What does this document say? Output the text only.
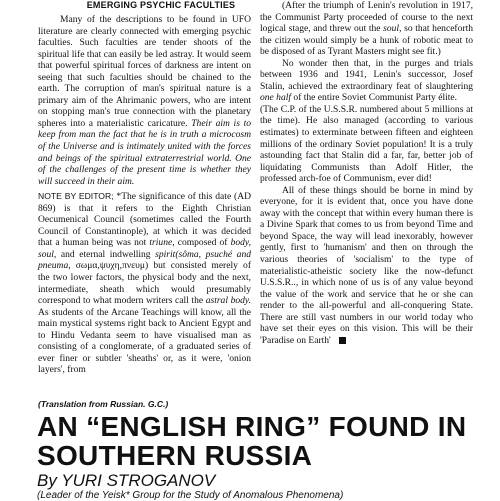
EMERGING PSYCHIC FACULTIES

Many of the descriptions to be found in UFO literature are clearly connected with emerging psychic faculties. Such faculties are tender shoots of the spiritual life that can easily be led astray. It would seem that powerful spiritual forces of darkness are intent on seeing that such faculties should be chained to the earth. The corruption of man's spiritual nature is a primary aim of the Ahrimanic powers, who are intent on stopping man's true connection with the planetary spheres into a materialistic caricature. Their aim is to keep from man the fact that he is in truth a microcosm of the Universe and is intimately united with the forces and beings of the spiritual extraterrestrial world. One of the challenges of the present time is whether they will succeed in their aim.

NOTE BY EDITOR; *The significance of this date (AD 869) is that it refers to the Eighth Christian Oecumenical Council (sometimes called the Fourth Council of Constantinople), at which it was decided that a human being was not triune, composed of body, soul, and eternal indwelling spirit(sôma, psuché and pneuma, σωμα,ψυχη,πνευμ) but consisted merely of the two lower factors, the physical body and the next, intermediate, sheath which would presumably correspond to what modern writers call the astral body. As students of the Arcane Teachings will know, all the main mystical systems right back to Ancient Egypt and to Hindu Vedanta seem to have visualised man as consisting of a conglomerate, of a graduated series of ever finer or subtler 'sheaths' or, as it were, 'onion layers', from

(After the triumph of Lenin's revolution in 1917, the Communist Party proceeded of course to the next logical stage, and threw out the soul, so that henceforth the citizen would simply be a hunk of robotic meat to be disposed of as Tyrant Masters might see fit.)

No wonder then that, in the purges and trials between 1936 and 1941, Lenin's successor, Josef Stalin, achieved the extraordinary feat of slaughtering one half of the entire Soviet Communist Party élite.

(The C.P. of the U.S.S.R. numbered about 5 millions at the time). He also managed (according to various estimates) to exterminate between fifteen and eighteen millions of the ordinary Soviet population! It is a truly astounding fact that Stalin did a far, far, better job of liquidating Communists than Adolf Hitler, the professed arch-foe of Communism, ever did!

All of these things should be borne in mind by everyone, for it is evident that, once you have done away with the concept that within every human there is a Divine Spark that comes to us from beyond Time and beyond Space, the way will lead inexorably, however gently, first to 'humanism' and then on through the various theories of 'socialism' to the type of materialistic-atheistic society like the now-defunct U.S.S.R.., in which none of us is of any value beyond the value of the work and service that he or she can render to the all-powerful and all-conquering State. There are still vast numbers in our world today who have set their eyes on this vision. This will be their 'Paradise on Earth'

(Translation from Russian. G.C.)
AN “ENGLISH RING” FOUND IN
SOUTHERN RUSSIA
By YURI STROGANOV
(Leader of the Yeisk* Group for the Study of Anomalous Phenomena)
